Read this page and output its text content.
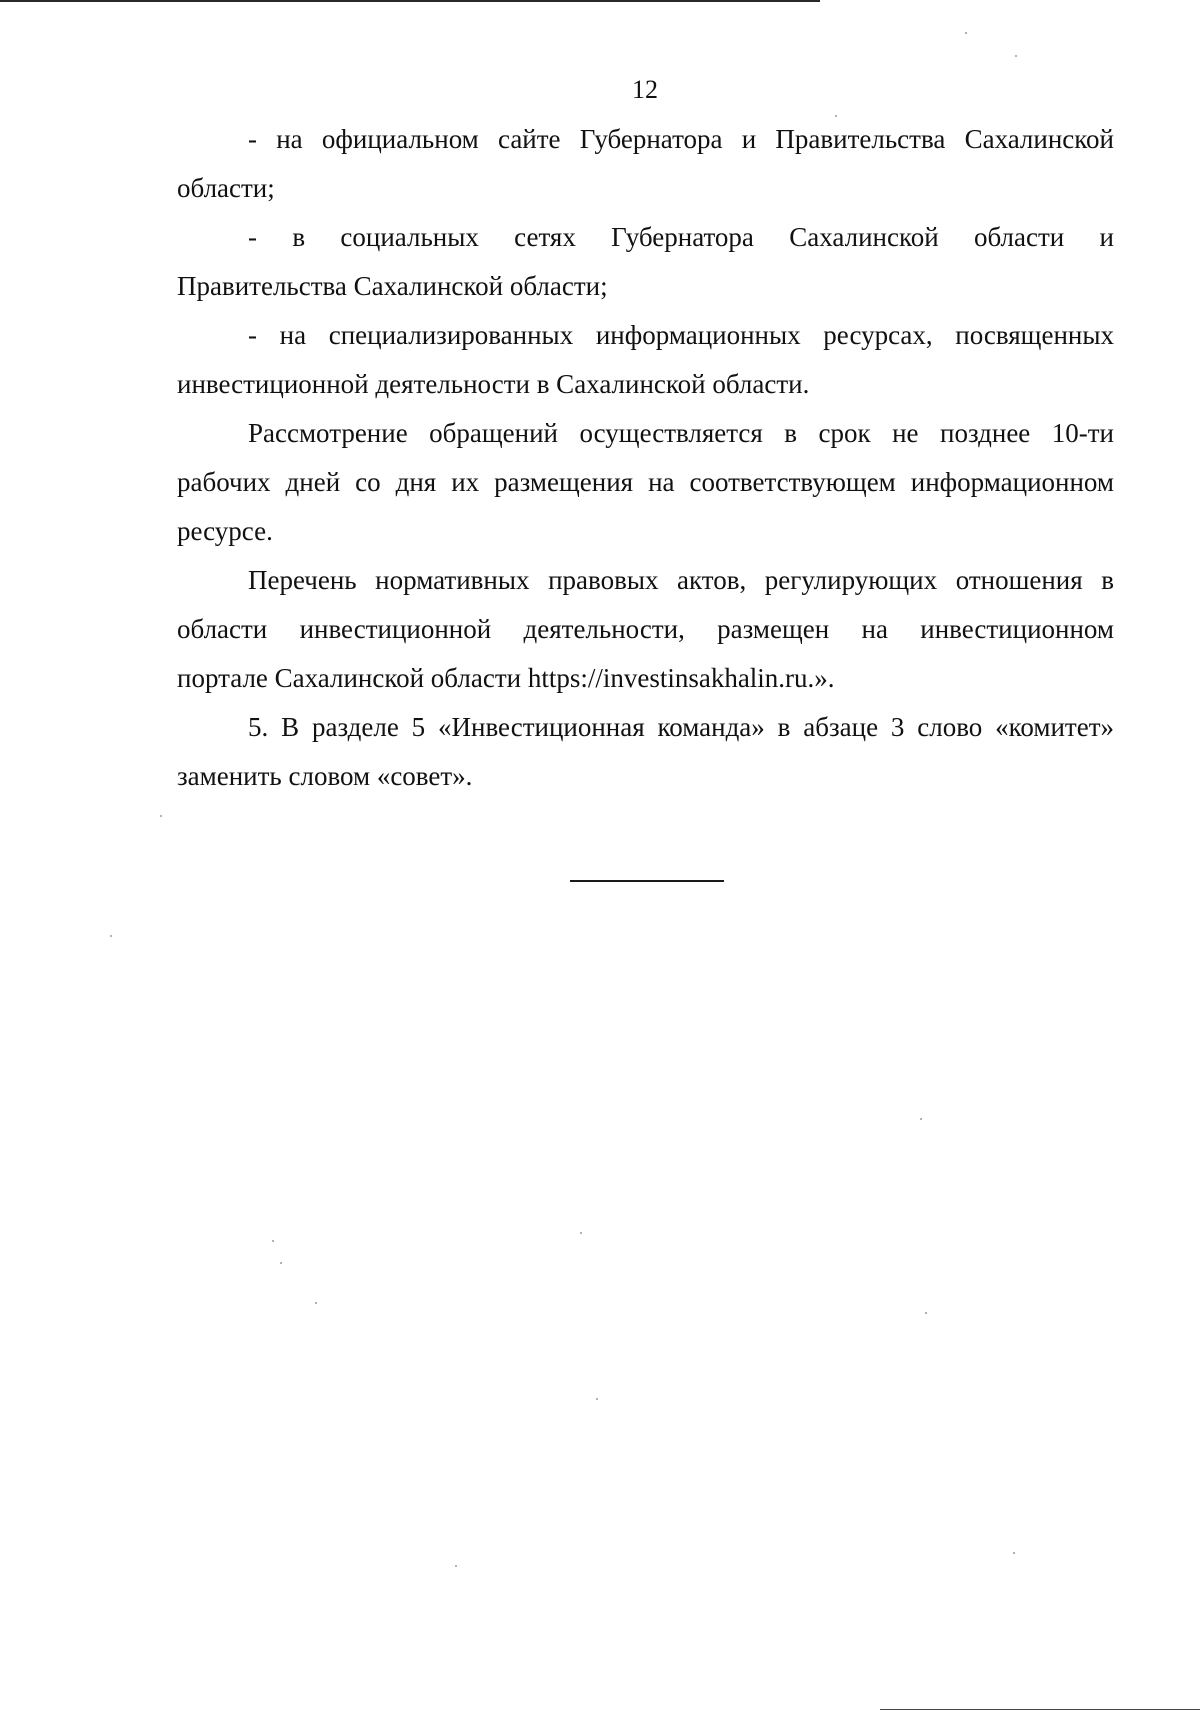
12

- на официальном сайте Губернатора и Правительства Сахалинской
области;

- в социальных сетях Губернатора Сахалинской области и
Правительства Сахалинской области;

- на специализированных информационных ресурсах, посвященных
инвестиционной деятельности в Сахалинской области.

Рассмотрение обращений осуществляется в срок не позднее 10-ти
рабочих дней со дня их размещения на соответствующем информационном
ресурсе.

Перечень нормативных правовых актов, регулирующих отношения в
области инвестиционной деятельности, размещен на инвестиционном
портале Сахалинской области https://investinsakhalin.ru.».

5. В разделе 5 «Инвестиционная команда» в абзаце 3 слово «комитет»
заменить словом «совет».
